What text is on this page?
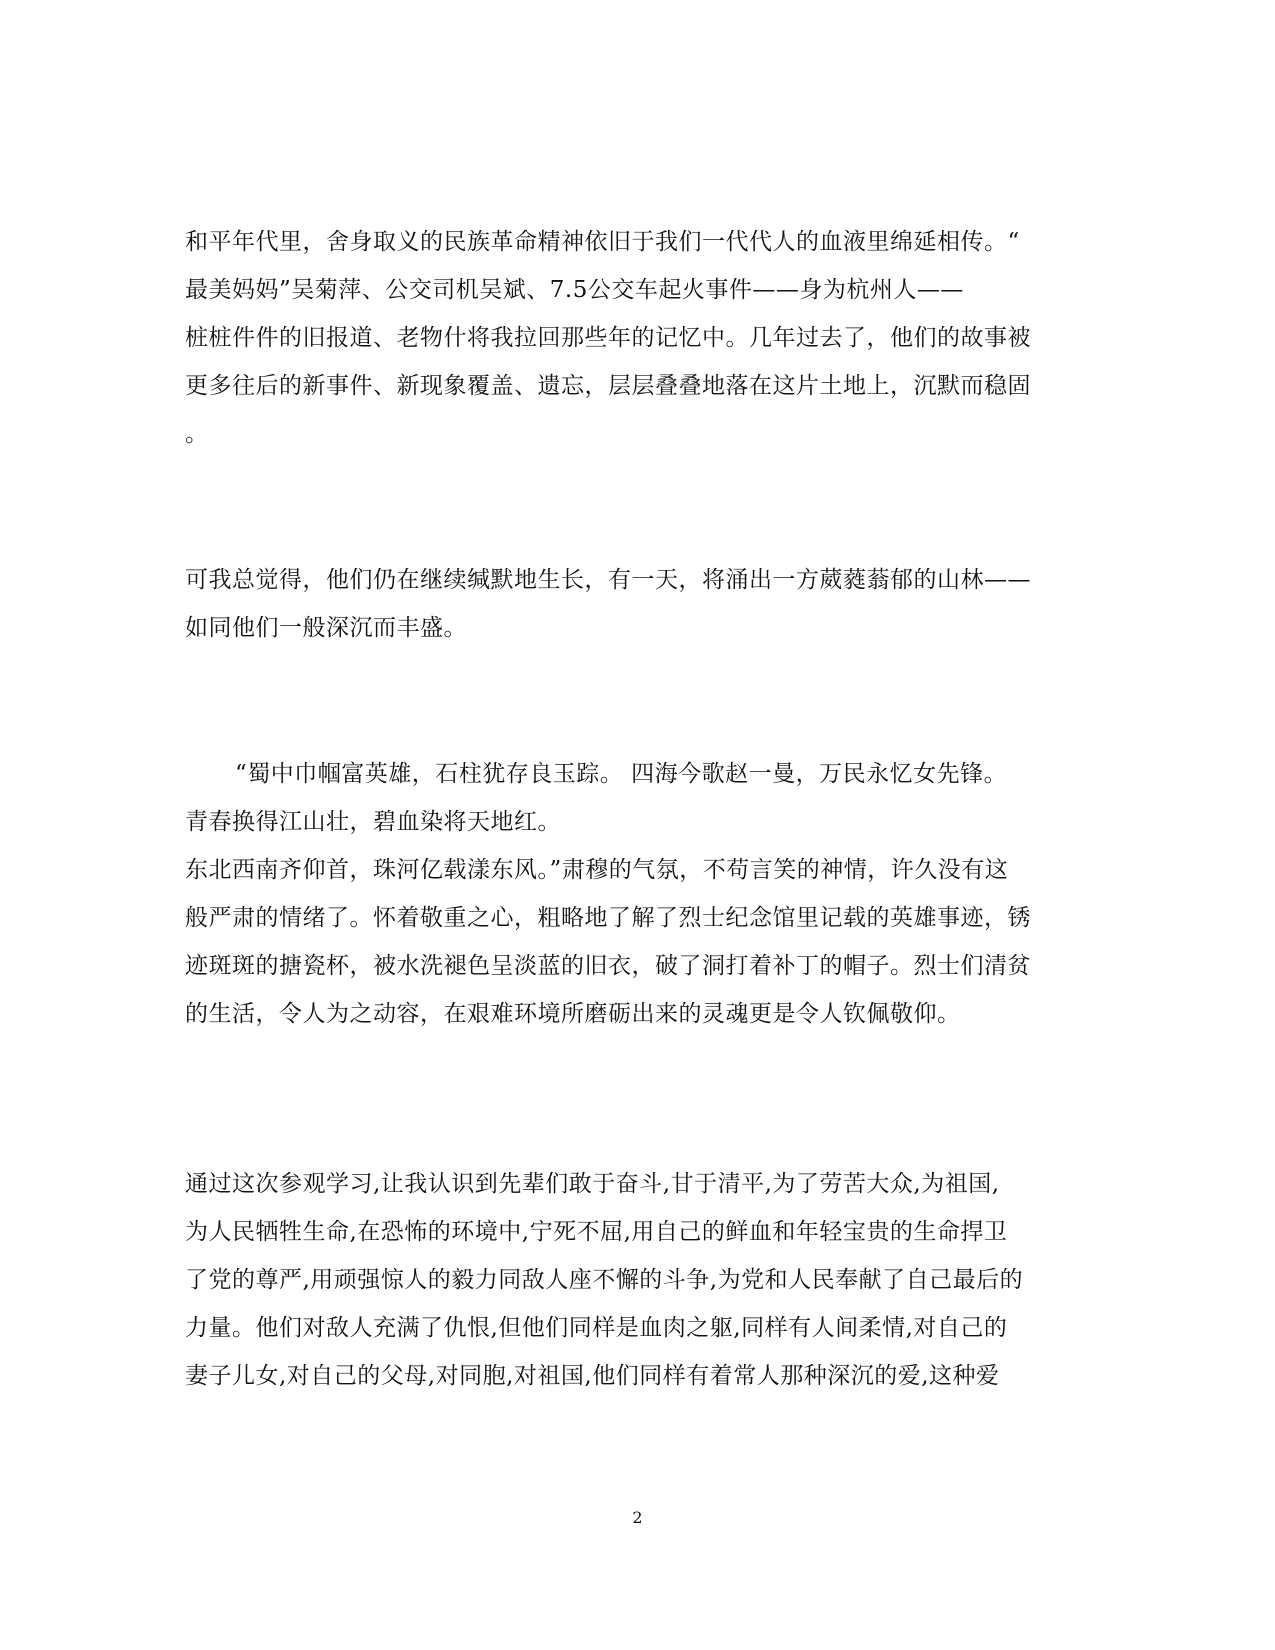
和平年代里，舍身取义的民族革命精神依旧于我们一代代人的血液里绵延相传。“
最美妈妈”吴菊萍、公交司机吴斌、7.5公交车起火事件——身为杭州人——
桩桩件件的旧报道、老物什将我拉回那些年的记忆中。几年过去了，他们的故事被
更多往后的新事件、新现象覆盖、遗忘，层层叠叠地落在这片土地上，沉默而稳固
。
可我总觉得，他们仍在继续缄默地生长，有一天，将涌出一方葳蕤蓊郁的山林——
如同他们一般深沉而丰盛。
“蜀中巾帼富英雄，石柱犹存良玉踪。 四海今歌赵一曼，万民永忆女先锋。
青春换得江山壮，碧血染将天地红。
东北西南齐仰首，珠河亿载漾东风。”肃穆的气氛，不苟言笑的神情，许久没有这
般严肃的情绪了。怀着敬重之心，粗略地了解了烈士纪念馆里记载的英雄事迹，锈
迹斑斑的搪瓷杯，被水洗褪色呈淡蓝的旧衣，破了洞打着补丁的帽子。烈士们清贫
的生活，令人为之动容，在艰难环境所磨砺出来的灵魂更是令人钦佩敬仰。
通过这次参观学习,让我认识到先辈们敢于奋斗,甘于清平,为了劳苦大众,为祖国,
为人民牺牲生命,在恐怖的环境中,宁死不屈,用自己的鲜血和年轻宝贵的生命捍卫
了党的尊严,用顽强惊人的毅力同敌人座不懈的斗争,为党和人民奉献了自己最后的
力量。他们对敌人充满了仇恨,但他们同样是血肉之躯,同样有人间柔情,对自己的
妻子儿女,对自己的父母,对同胞,对祖国,他们同样有着常人那种深沉的爱,这种爱
2
